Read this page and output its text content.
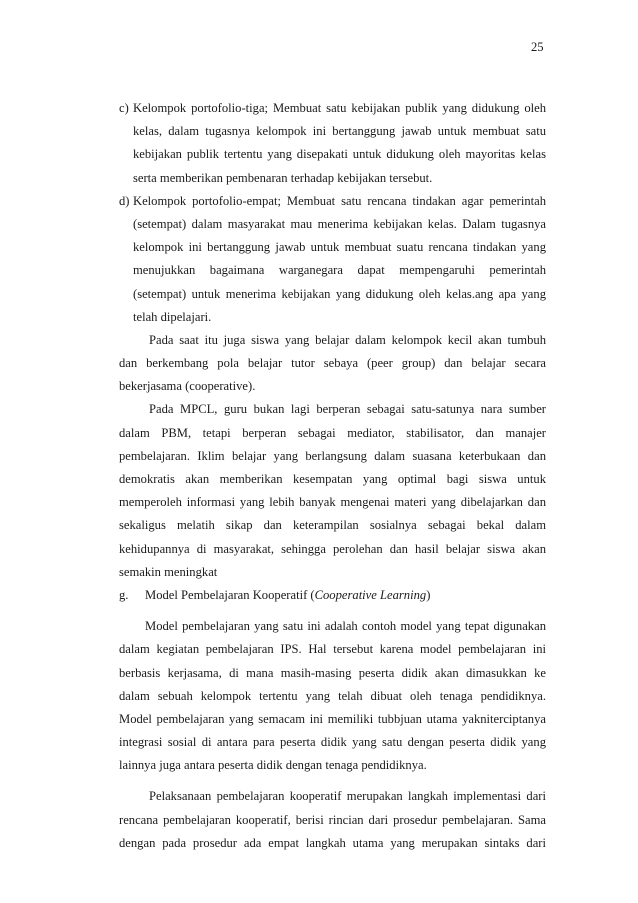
25
c) Kelompok portofolio-tiga; Membuat satu kebijakan publik yang didukung oleh
kelas, dalam tugasnya kelompok ini bertanggung jawab untuk membuat satu
kebijakan publik tertentu yang disepakati untuk didukung oleh mayoritas kelas
serta memberikan pembenaran terhadap kebijakan tersebut.
d) Kelompok portofolio-empat; Membuat satu rencana tindakan agar pemerintah
(setempat) dalam masyarakat mau menerima kebijakan kelas. Dalam tugasnya
kelompok ini bertanggung jawab untuk membuat suatu rencana tindakan yang
menujukkan bagaimana warganegara dapat mempengaruhi pemerintah
(setempat) untuk menerima kebijakan yang didukung oleh kelas.ang apa yang
telah dipelajari.
Pada saat itu juga siswa yang belajar dalam kelompok kecil akan tumbuh
dan berkembang pola belajar tutor sebaya (peer group) dan belajar secara
bekerjasama (cooperative).
Pada MPCL, guru bukan lagi berperan sebagai satu-satunya nara sumber
dalam PBM, tetapi berperan sebagai mediator, stabilisator, dan manajer
pembelajaran. Iklim belajar yang berlangsung dalam suasana keterbukaan dan
demokratis akan memberikan kesempatan yang optimal bagi siswa untuk
memperoleh informasi yang lebih banyak mengenai materi yang dibelajarkan dan
sekaligus melatih sikap dan keterampilan sosialnya sebagai bekal dalam
kehidupannya di masyarakat, sehingga perolehan dan hasil belajar siswa akan
semakin meningkat
g. Model Pembelajaran Kooperatif (Cooperative Learning)
Model pembelajaran yang satu ini adalah contoh model yang tepat digunakan
dalam kegiatan pembelajaran IPS. Hal tersebut karena model pembelajaran ini
berbasis kerjasama, di mana masih-masing peserta didik akan dimasukkan ke
dalam sebuah kelompok tertentu yang telah dibuat oleh tenaga pendidiknya.
Model pembelajaran yang semacam ini memiliki tubbjuan utama yakniterciptanya
integrasi sosial di antara para peserta didik yang satu dengan peserta didik yang
lainnya juga antara peserta didik dengan tenaga pendidiknya.
Pelaksanaan pembelajaran kooperatif merupakan langkah implementasi dari
rencana pembelajaran kooperatif, berisi rincian dari prosedur pembelajaran. Sama
dengan pada prosedur ada empat langkah utama yang merupakan sintaks dari
